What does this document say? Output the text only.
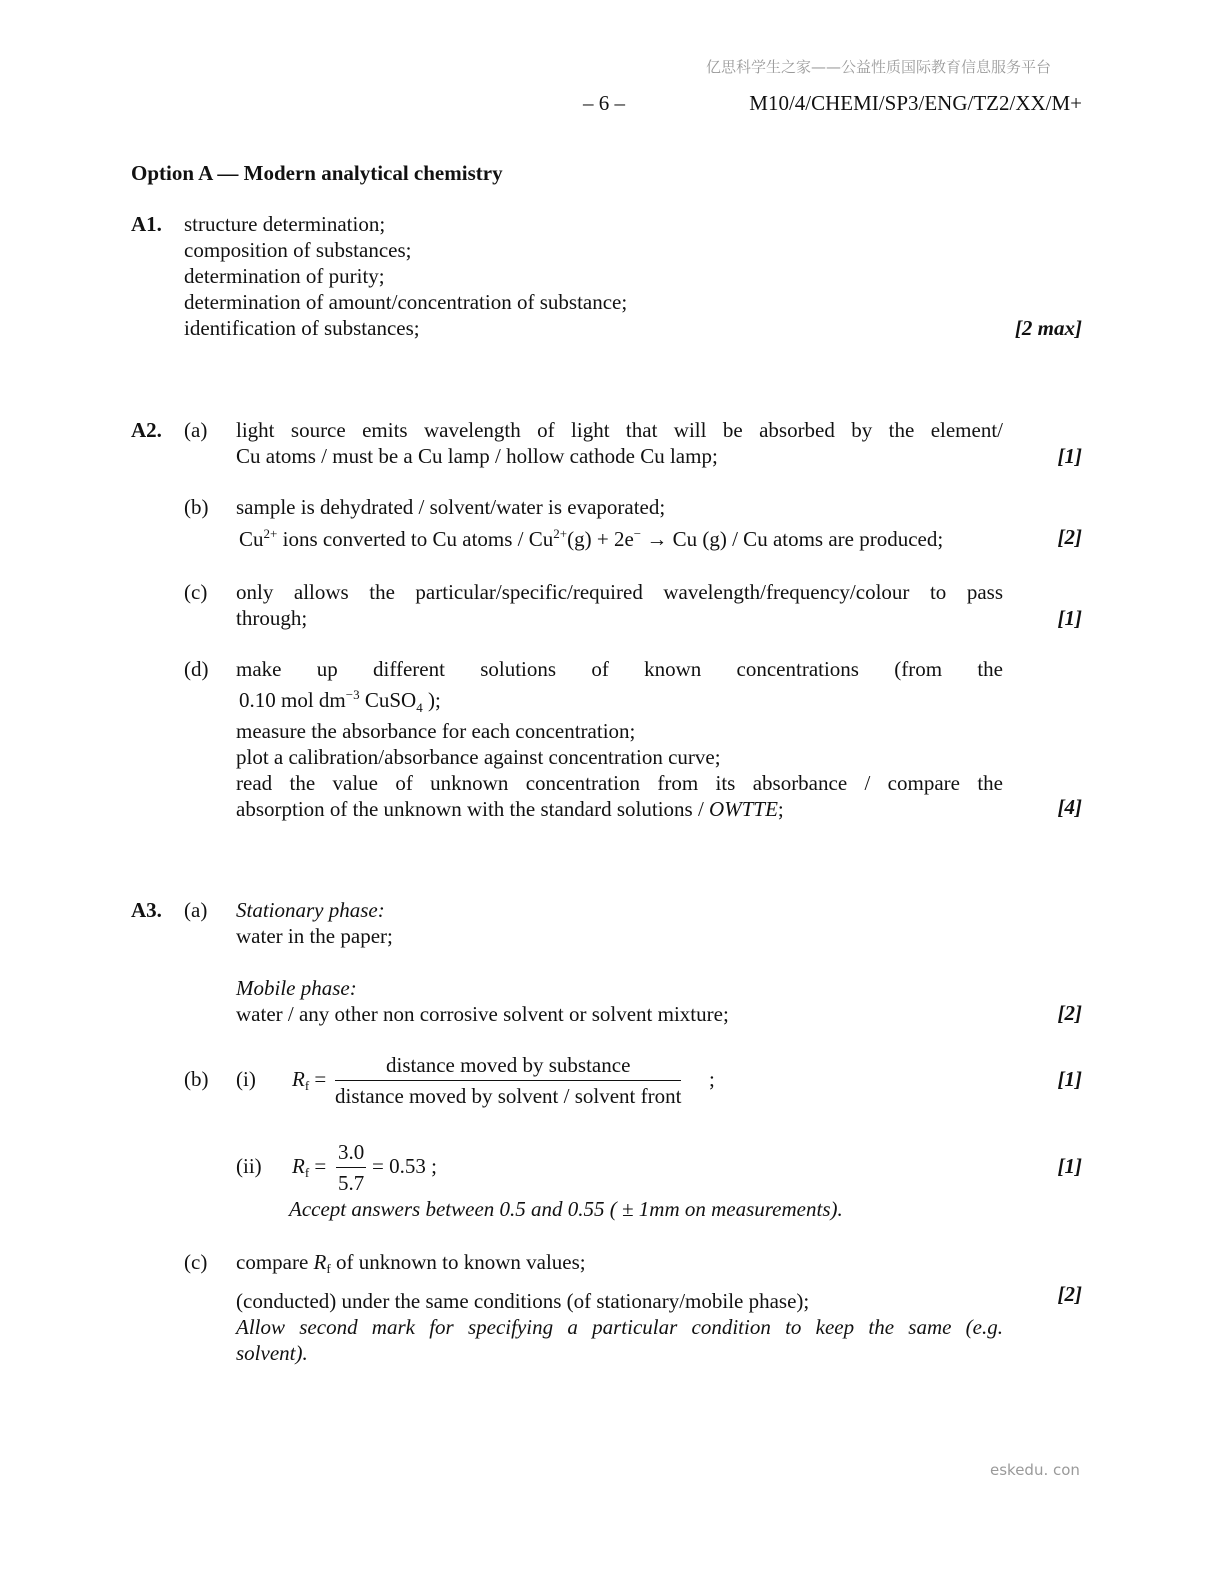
亿思科学生之家——公益性质国际教育信息服务平台
– 6 –	M10/4/CHEMI/SP3/ENG/TZ2/XX/M+
Option A — Modern analytical chemistry
A1. structure determination;
composition of substances;
determination of purity;
determination of amount/concentration of substance;
identification of substances;	[2 max]
A2. (a) light source emits wavelength of light that will be absorbed by the element/
Cu atoms / must be a Cu lamp / hollow cathode Cu lamp;	[1]
(b) sample is dehydrated / solvent/water is evaporated;
$Cu^{2+}$ ions converted to Cu atoms / $Cu^{2+}(g) + 2e^- \to Cu$ (g) / Cu atoms are produced;	[2]
(c) only allows the particular/specific/required wavelength/frequency/colour to pass
through;	[1]
(d) make up different solutions of known concentrations (from the
0.10 mol $dm^{-3}$ CuSO$_4$ );
measure the absorbance for each concentration;
plot a calibration/absorbance against concentration curve;
read the value of unknown concentration from its absorbance / compare the
absorption of the unknown with the standard solutions / OWTTE;	[4]
A3. (a) Stationary phase:
water in the paper;
Mobile phase:
water / any other non corrosive solvent or solvent mixture;	[2]
(b) (i) Rf =
distance moved by substance
distance moved by solvent / solvent front
;	[1]
(ii) $Rf = \frac{3.0}{5.7} = 0.53$ ;	[1]
Accept answers between 0.5 and 0.55 ( ± 1mm on measurements).
(c) compare Rf of unknown to known values;
(conducted) under the same conditions (of stationary/mobile phase);
Allow second mark for specifying a particular condition to keep the same (e.g.
solvent).
[2]
eskedu. con
